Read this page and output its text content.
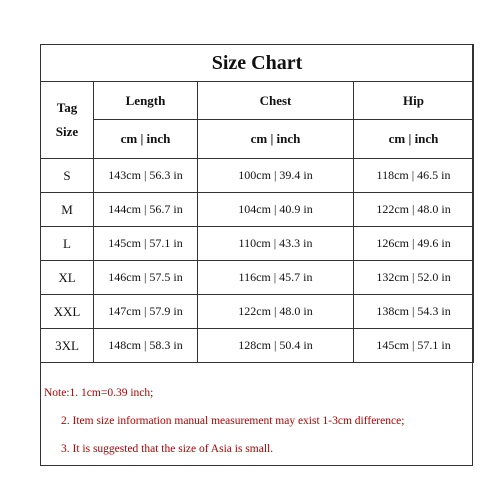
Size Chart			
Tag
Size	Length	Chest	Hip
	cm | inch	cm | inch	cm | inch
S	143cm | 56.3 in	100cm | 39.4 in	118cm | 46.5 in
M	144cm | 56.7 in	104cm | 40.9 in	122cm | 48.0 in
L	145cm | 57.1 in	110cm | 43.3 in	126cm | 49.6 in
XL	146cm | 57.5 in	116cm | 45.7 in	132cm | 52.0 in
XXL	147cm | 57.9 in	122cm | 48.0 in	138cm | 54.3 in
3XL	148cm | 58.3 in	128cm | 50.4 in	145cm | 57.1 in
Note:1. 1cm=0.39 inch;
2. Item size information manual measurement may exist 1-3cm difference;
3. It is suggested that the size of Asia is small.
